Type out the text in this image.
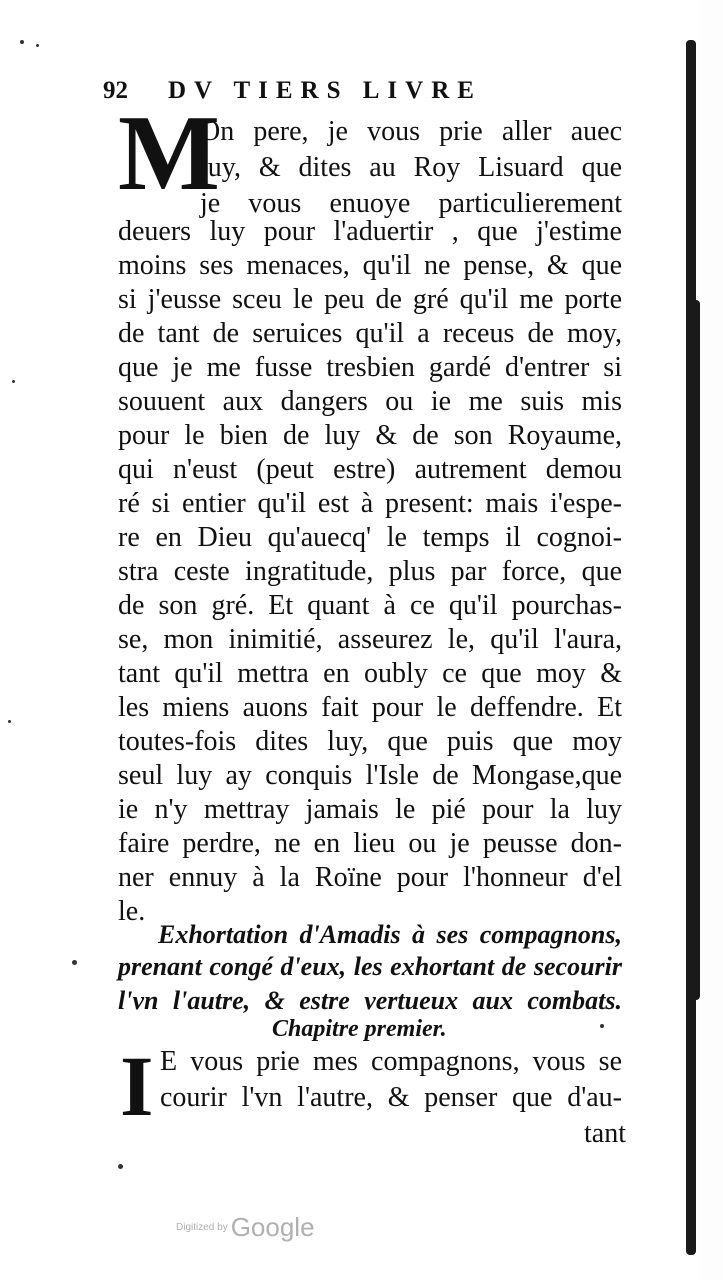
92 DV TIERS LIVRE
M
On pere, je vous prie aller auec
luy, & dites au Roy Lisuard que
je vous enuoye particulierement
deuers luy pour l'aduertir , que j'estime
moins ses menaces, qu'il ne pense, & que
si j'eusse sceu le peu de gré qu'il me porte
de tant de seruices qu'il a receus de moy,
que je me fusse tresbien gardé d'entrer si
souuent aux dangers ou ie me suis mis
pour le bien de luy & de son Royaume,
qui n'eust (peut estre) autrement demou
ré si entier qu'il est à present: mais i'espe-
re en Dieu qu'auecq' le temps il cognoi-
stra ceste ingratitude, plus par force, que
de son gré. Et quant à ce qu'il pourchas-
se, mon inimitié, asseurez le, qu'il l'aura,
tant qu'il mettra en oubly ce que moy &
les miens auons fait pour le deffendre. Et
toutes-fois dites luy, que puis que moy
seul luy ay conquis l'Isle de Mongase,que
ie n'y mettray jamais le pié pour la luy
faire perdre, ne en lieu ou je peusse don-
ner ennuy à la Roïne pour l'honneur d'el
le.
Exhortation d'Amadis à ses compagnons,
prenant congé d'eux, les exhortant de secourir
l'vn l'autre, & estre vertueux aux combats.
Chapitre premier.
I E vous prie mes compagnons, vous se
courir l'vn l'autre, & penser que d'au-
tant
Digitized by Google
